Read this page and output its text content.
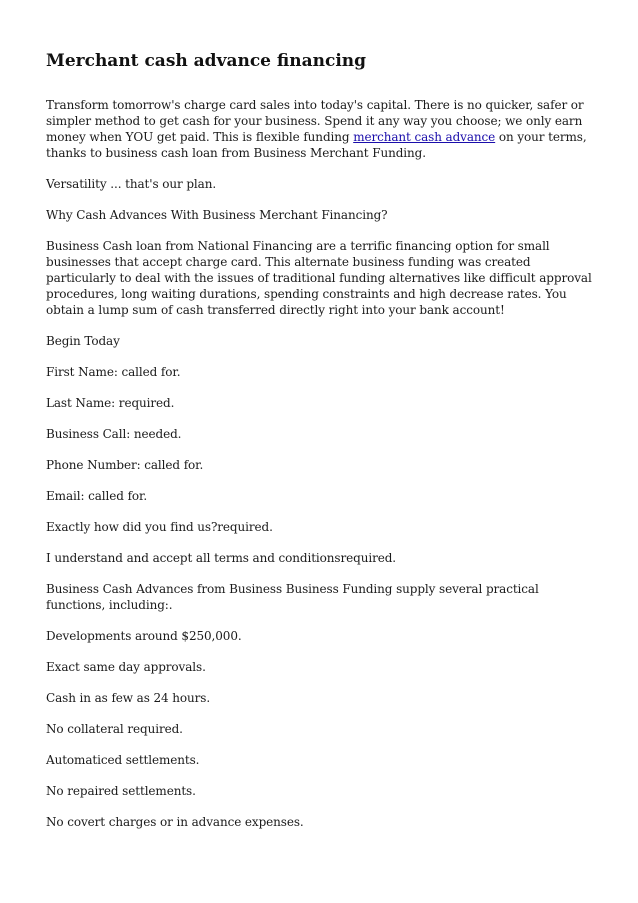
Merchant cash advance financing

Transform tomorrow's charge card sales into today's capital. There is no quicker, safer or simpler method to get cash for your business. Spend it any way you choose; we only earn money when YOU get paid. This is flexible funding merchant cash advance on your terms, thanks to business cash loan from Business Merchant Funding.

Versatility ... that's our plan.

Why Cash Advances With Business Merchant Financing?

Business Cash loan from National Financing are a terrific financing option for small businesses that accept charge card. This alternate business funding was created particularly to deal with the issues of traditional funding alternatives like difficult approval procedures, long waiting durations, spending constraints and high decrease rates. You obtain a lump sum of cash transferred directly right into your bank account!

Begin Today

First Name: called for.

Last Name: required.

Business Call: needed.

Phone Number: called for.

Email: called for.

Exactly how did you find us?required.

I understand and accept all terms and conditionsrequired.

Business Cash Advances from Business Business Funding supply several practical functions, including:.

Developments around $250,000.

Exact same day approvals.

Cash in as few as 24 hours.

No collateral required.

Automaticed settlements.

No repaired settlements.

No covert charges or in advance expenses.
